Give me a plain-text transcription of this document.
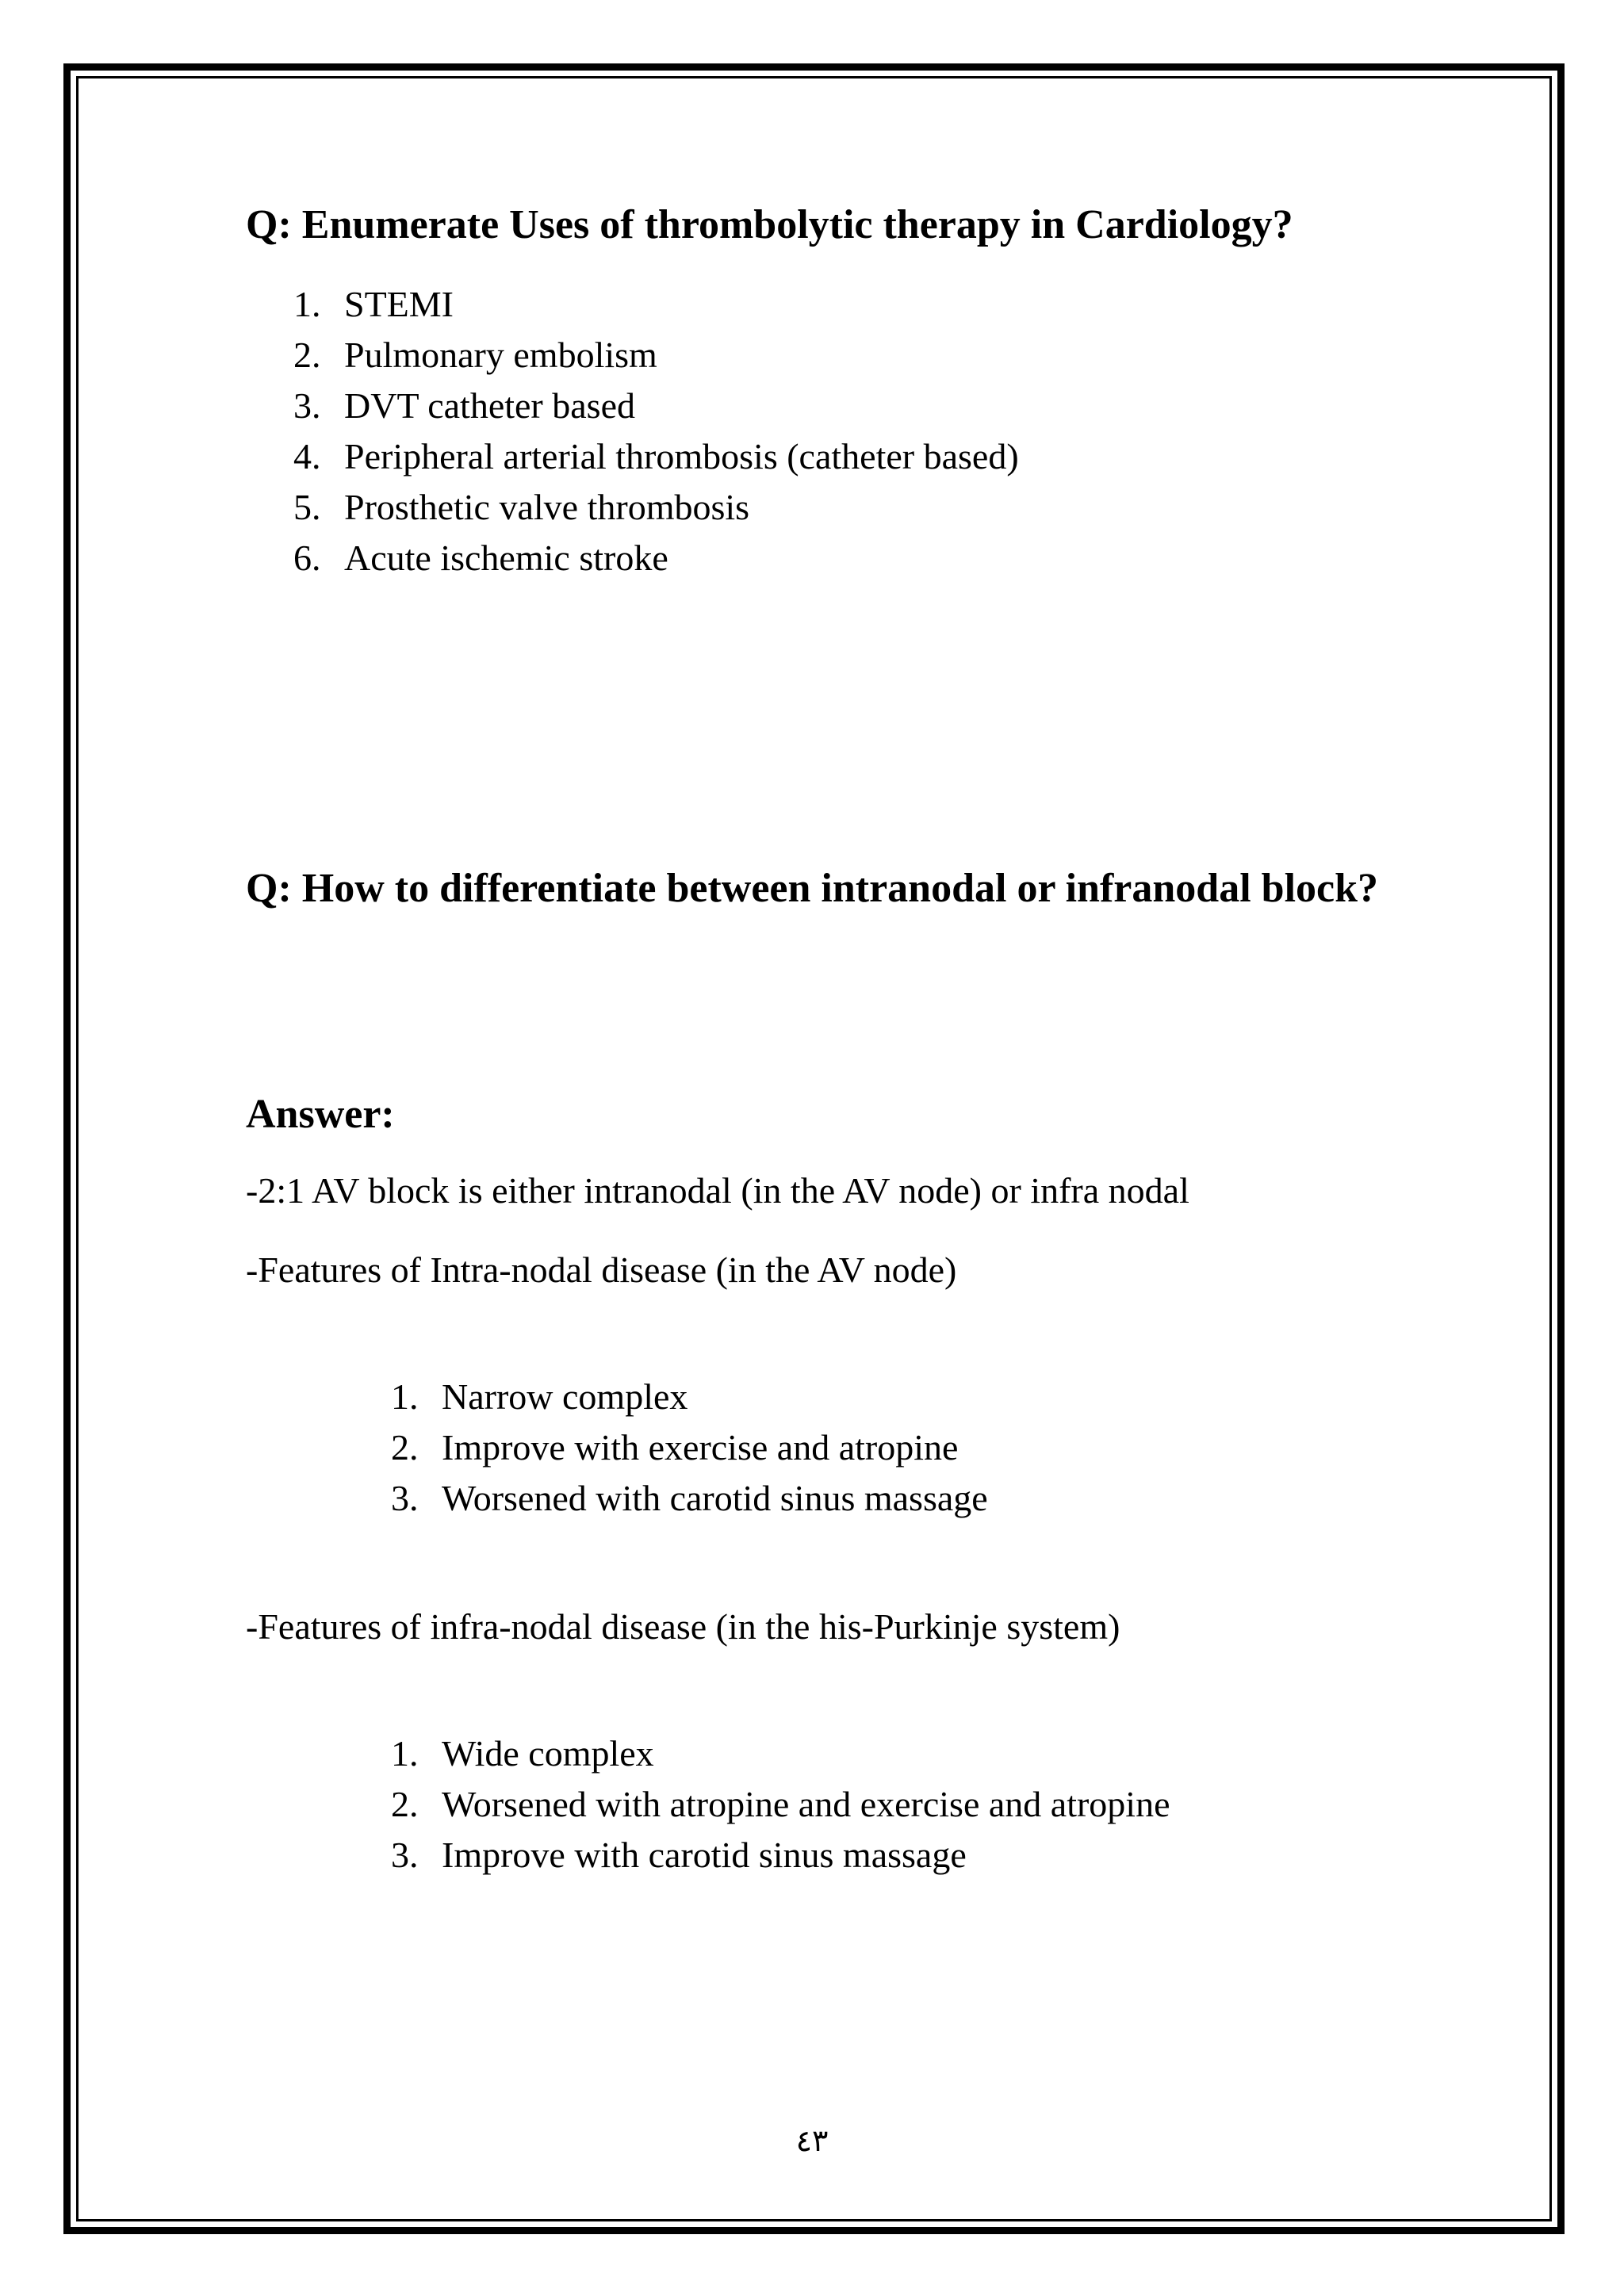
Q: Enumerate Uses of thrombolytic therapy in Cardiology?
1. STEMI
2. Pulmonary embolism
3. DVT catheter based
4. Peripheral arterial thrombosis (catheter based)
5. Prosthetic valve thrombosis
6. Acute ischemic stroke
Q: How to differentiate between intranodal or infranodal block?
Answer:

-2:1 AV block is either intranodal (in the AV node) or infra nodal

-Features of Intra-nodal disease (in the AV node)

1. Narrow complex
2. Improve with exercise and atropine
3. Worsened with carotid sinus massage

-Features of infra-nodal disease (in the his-Purkinje system)

1. Wide complex
2. Worsened with atropine and exercise and atropine
3. Improve with carotid sinus massage
٤٣
